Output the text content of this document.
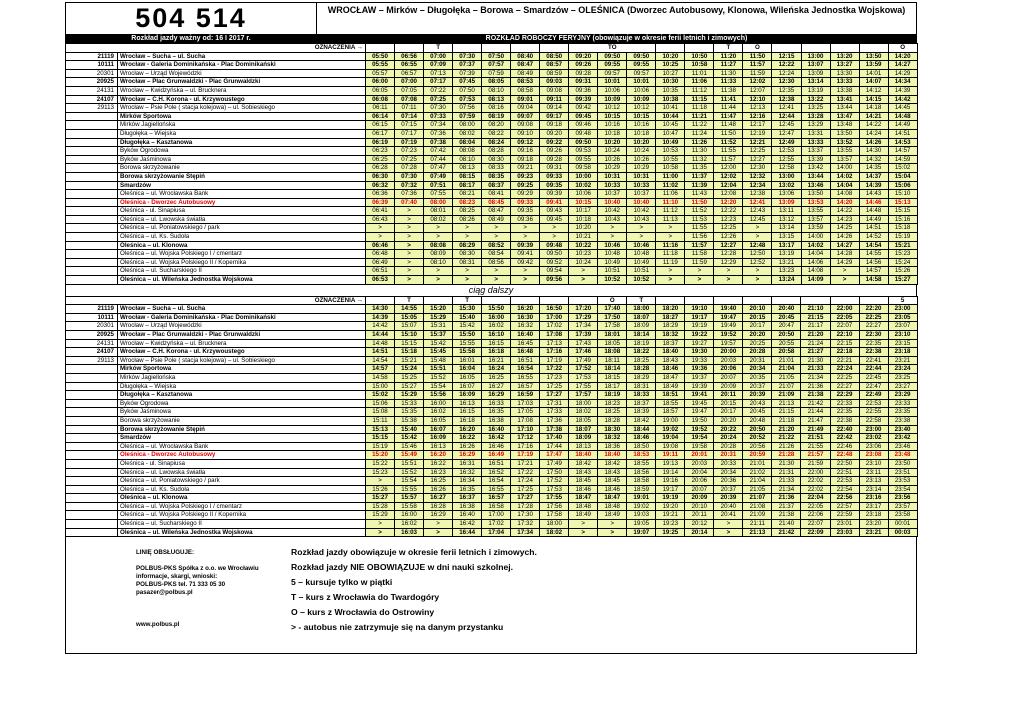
504 514
Rozkład jazdy ważny od: 16 I 2017 r.
WROCŁAW – Mirków – Długołęka – Borowa – Smardzów – OLEŚNICA (Dworzec Autobusowy, Klonowa, Wileńska Jednostka Wojskowa)
ROZKŁAD ROBOCZY FERYJNY (obowiązuje w okresie ferii letnich i zimowych)
OZNACZENIA →				T					TO					T	O					O
21119	Wrocław – Sucha – ul. Sucha	05:50	06:56	07:00	07:30	07:50	08:40	08:50	09:20	09:50	09:50	10:20	10:50	11:20	11:50	12:15	13:00	13:20	13:50	14:20
10111	Wrocław - Galeria Dominikańska - Plac Dominikański	05:55	06:55	07:09	07:37	07:57	08:47	08:57	09:26	09:55	09:55	10:25	10:58	11:27	11:57	12:22	13:07	13:27	13:59	14:27
20301	Wrocław – Urząd Wojewódzki	05:57	06:57	07:13	07:39	07:59	08:49	08:59	09:28	09:57	09:57	10:27	11:01	11:30	11:59	12:24	13:09	13:30	14:01	14:29
20925	Wrocław – Plac Grunwaldzki - Plac Grunwaldzki	06:00	07:00	07:17	07:45	08:05	08:53	09:03	09:31	10:01	10:01	10:30	11:06	11:33	12:02	12:30	13:14	13:33	14:07	14:34
24131	Wrocław – Kwidzyńska – ul. Brucknera	06:05	07:05	07:22	07:50	08:10	08:58	09:08	09:36	10:06	10:06	10:35	11:12	11:38	12:07	12:35	13:19	13:38	14:12	14:39
24107	Wrocław – C.H. Korona - ul. Krzywoustego	06:08	07:08	07:25	07:53	08:13	09:01	09:11	09:39	10:09	10:09	10:38	11:15	11:41	12:10	12:38	13:22	13:41	14:15	14:42
29113	Wrocław – Psie Pole ( stacja kolejowa) – ul. Sobieskiego	06:11	07:11	07:30	07:56	08:16	09:04	09:14	09:42	10:12	10:12	10:41	11:18	11:44	12:13	12:41	13:25	13:44	14:18	14:45
	Mirków Sportowa	06:14	07:14	07:33	07:59	08:19	09:07	09:17	09:45	10:15	10:15	10:44	11:21	11:47	12:16	12:44	13:28	13:47	14:21	14:48
	Mirków Jagiellońska	06:15	07:15	07:34	08:00	08:20	09:08	09:18	09:46	10:16	10:16	10:45	11:22	11:48	12:17	12:45	13:29	13:48	14:22	14:49
	Długołęka – Wiejska	06:17	07:17	07:36	08:02	08:22	09:10	09:20	09:48	10:18	10:18	10:47	11:24	11:50	12:19	12:47	13:31	13:50	14:24	14:51
	Długołęka – Kasztanowa	06:19	07:19	07:38	08:04	08:24	09:12	09:22	09:50	10:20	10:20	10:49	11:26	11:52	12:21	12:49	13:33	13:52	14:26	14:53
	Byków Ogrodowa	06:23	07:23	07:42	08:08	08:28	09:16	09:26	09:53	10:24	10:24	10:53	11:30	11:55	12:25	12:53	13:37	13:55	14:30	14:57
	Byków Jaśminowa	06:25	07:25	07:44	08:10	08:30	09:18	09:28	09:55	10:26	10:26	10:55	11:32	11:57	12:27	12:55	13:39	13:57	14:32	14:59
	Borowa skrzyżowanie	06:28	07:28	07:47	08:13	08:33	09:21	09:31	09:58	10:29	10:29	10:58	11:35	12:00	12:30	12:58	13:42	14:00	14:35	15:02
	Borowa skrzyżowanie Stępiń	06:30	07:30	07:49	08:15	08:35	09:23	09:33	10:00	10:31	10:31	11:00	11:37	12:02	12:32	13:00	13:44	14:02	14:37	15:04
	Smardzów	06:32	07:32	07:51	08:17	08:37	09:25	09:35	10:02	10:33	10:33	11:02	11:39	12:04	12:34	13:02	13:46	14:04	14:39	15:06
	Oleśnica – ul. Wrocławska Bank	06:36	07:36	07:55	08:21	08:41	09:29	09:39	10:06	10:37	10:37	11:06	11:43	12:08	12:38	13:06	13:50	14:08	14:43	15:10
	Oleśnica - Dworzec Autobusowy	06:39	07:40	08:00	08:23	08:45	09:33	09:41	10:15	10:40	10:40	11:10	11:50	12:20	12:41	13:09	13:53	14:20	14:46	15:13
	Oleśnica - ul. Sinapiusa	06:41	>	08:01	08:25	08:47	09:35	09:43	10:17	10:42	10:42	11:12	11:52	12:22	12:43	13:11	13:55	14:22	14:48	15:15
	Oleśnica – ul. Lwowska światła	06:43	>	08:02	08:26	08:49	09:36	09:45	10:18	10:43	10:43	11:13	11:53	12:23	12:45	13:12	13:57	14:23	14:49	15:16
	Oleśnica – ul. Poniatowskiego / park	>	>	>	>	>	>	>	10:20	>	>	>	11:55	12:25	>	13:14	13:59	14:25	14:51	15:18
	Oleśnica – ul. Ks. Sudoła	>	>	>	>	>	>	>	10:21	>	>	>	11:56	12:26	>	13:15	14:00	14:26	14:52	15:19
	Oleśnica – ul. Klonowa	06:46	>	08:08	08:29	08:52	09:39	09:48	10:22	10:46	10:46	11:16	11:57	12:27	12:48	13:17	14:02	14:27	14:54	15:21
	Oleśnica – ul. Wojska Polskiego I / cmentarz	06:48	>	08:09	08:30	08:54	09:41	09:50	10:23	10:48	10:48	11:18	11:58	12:28	12:50	13:19	14:04	14:28	14:55	15:23
	Oleśnica – ul. Wojska Polskiego II / Kopernika	06:49	>	08:10	08:31	08:56	09:42	09:52	10:24	10:49	10:49	11:19	11:59	12:29	12:52	13:21	14:06	14:29	14:56	15:24
	Oleśnica – ul. Sucharskiego II	06:51	>	>	>	>	>	09:54	>	10:51	10:51	>	>	>	>	13:23	14:08	>	14:57	15:26
	Oleśnica – ul. Wileńska Jednostka Wojskowa	06:53	>	>	>	>	>	09:56	>	10:52	10:52	>	>	>	>	13:24	14:09	>	14:58	15:27
ciąg dalszy
OZNACZENIA →			T		T					O	T									5
21119	Wrocław – Sucha – ul. Sucha	14:30	14:55	15:20	15:30	15:50	16:20	16:50	17:20	17:40	18:00	18:20	19:10	19:40	20:10	20:40	21:10	22:00	22:20	23:00
10111	Wrocław - Galeria Dominikańska - Plac Dominikański	14:39	15:05	15:29	15:40	16:00	16:30	17:00	17:29	17:50	18:07	18:27	19:17	19:47	20:15	20:45	21:15	22:05	22:25	23:05
20301	Wrocław – Urząd Wojewódzki	14:42	15:07	15:31	15:42	16:02	16:32	17:02	17:34	17:58	18:09	18:29	19:19	19:49	20:17	20:47	21:17	22:07	22:27	23:07
20925	Wrocław – Plac Grunwaldzki - Plac Grunwaldzki	14:44	15:10	15:37	15:50	16:10	16:40	17:08	17:39	18:01	18:14	18:32	19:22	19:52	20:20	20:50	21:20	22:10	22:30	23:10
24131	Wrocław – Kwidzyńska – ul. Brucknera	14:48	15:15	15:42	15:55	16:15	16:45	17:13	17:43	18:05	18:19	18:37	19:27	19:57	20:25	20:55	21:24	22:15	22:35	23:15
24107	Wrocław – C.H. Korona - ul. Krzywoustego	14:51	15:18	15:45	15:58	16:18	16:48	17:16	17:46	18:08	18:22	18:40	19:30	20:00	20:28	20:58	21:27	22:18	22:38	23:18
29113	Wrocław – Psie Pole ( stacja kolejowa) – ul. Sobieskiego	14:54	15:21	15:48	16:01	16:21	16:51	17:19	17:49	18:11	18:25	18:43	19:33	20:03	20:31	21:01	21:30	22:21	22:41	23:21
	Mirków Sportowa	14:57	15:24	15:51	16:04	16:24	16:54	17:22	17:52	18:14	18:28	18:46	19:36	20:06	20:34	21:04	21:33	22:24	22:44	23:24
	Mirków Jagiellońska	14:58	15:25	15:52	16:05	16:25	16:55	17:23	17:53	18:15	18:29	18:47	19:37	20:07	20:35	21:05	21:34	22:25	22:45	23:25
	Długołęka – Wiejska	15:00	15:27	15:54	16:07	16:27	16:57	17:25	17:55	18:17	18:31	18:49	19:39	20:09	20:37	21:07	21:36	22:27	22:47	23:27
	Długołęka – Kasztanowa	15:02	15:29	15:56	16:09	16:29	16:59	17:27	17:57	18:19	18:33	18:51	19:41	20:11	20:39	21:09	21:38	22:29	22:49	23:29
	Byków Ogrodowa	15:06	15:33	16:00	16:13	16:33	17:03	17:31	18:00	18:23	18:37	18:55	19:45	20:15	20:43	21:13	21:42	22:33	22:53	23:33
	Byków Jaśminowa	15:08	15:35	16:02	16:15	16:35	17:05	17:33	18:02	18:25	18:39	18:57	19:47	20:17	20:45	21:15	21:44	22:35	22:55	23:35
	Borowa skrzyżowanie	15:11	15:38	16:05	16:18	16:38	17:08	17:36	18:05	18:28	18:42	19:00	19:50	20:20	20:48	21:18	21:47	22:38	22:58	23:38
	Borowa skrzyżowanie Stępiń	15:13	15:40	16:07	16:20	16:40	17:10	17:38	18:07	18:30	18:44	19:02	19:52	20:22	20:50	21:20	21:49	22:40	23:00	23:40
	Smardzów	15:15	15:42	16:09	16:22	16:42	17:12	17:40	18:09	18:32	18:46	19:04	19:54	20:24	20:52	21:22	21:51	22:42	23:02	23:42
	Oleśnica – ul. Wrocławska Bank	15:19	15:46	16:13	16:26	16:46	17:16	17:44	18:13	18:36	18:50	19:08	19:58	20:28	20:56	21:26	21:55	22:46	23:06	23:46
	Oleśnica - Dworzec Autobusowy	15:20	15:49	16:20	16:29	16:49	17:19	17:47	18:40	18:40	18:53	19:11	20:01	20:31	20:59	21:28	21:57	22:48	23:08	23:48
	Oleśnica - ul. Sinapiusa	15:22	15:51	16:22	16:31	16:51	17:21	17:49	18:42	18:42	18:55	19:13	20:03	20:33	21:01	21:30	21:59	22:50	23:10	23:50
	Oleśnica – ul. Lwowska światła	15:23	15:52	16:23	16:32	16:52	17:22	17:50	18:43	18:43	18:56	19:14	20:04	20:34	21:02	21:31	22:00	22:51	23:11	23:51
	Oleśnica – ul. Poniatowskiego / park	>	15:54	16:25	16:34	16:54	17:24	17:52	18:45	18:45	18:58	19:16	20:06	20:36	21:04	21:33	22:02	22:53	23:13	23:53
	Oleśnica – ul. Ks. Sudoła	15:26	15:55	16:26	16:35	16:55	17:25	17:53	18:46	18:46	18:59	19:17	20:07	20:37	21:05	21:34	22:02	22:54	23:14	23:54
	Oleśnica – ul. Klonowa	15:27	15:57	16:27	16:37	16:57	17:27	17:55	18:47	18:47	19:01	19:19	20:09	20:39	21:07	21:36	22:04	22:56	23:16	23:56
	Oleśnica – ul. Wojska Polskiego I / cmentarz	15:28	15:58	16:28	16:38	16:58	17:28	17:56	18:48	18:48	19:02	19:20	20:10	20:40	21:08	21:37	22:05	22:57	23:17	23:57
	Oleśnica – ul. Wojska Polskiego II / Kopernika	15:29	16:00	16:29	16:40	17:00	17:30	17:58	18:49	18:49	19:03	19:21	20:11	20:41	21:09	21:38	22:06	22:59	23:18	23:58
	Oleśnica – ul. Sucharskiego II	>	16:02	>	16:42	17:02	17:32	18:00	>	>	19:05	19:23	20:12	>	21:11	21:40	22:07	23:01	23:20	00:01
	Oleśnica – ul. Wileńska Jednostka Wojskowa	>	16:03	>	16:44	17:04	17:34	18:02	>	>	19:07	19:25	20:14	>	21:13	21:42	22:09	23:03	23:21	00:03
LINIĘ OBSŁUGUJE:

POLBUS-PKS Spółka z o.o. we Wrocławiu
informacje, skargi, wnioski:
POLBUS-PKS tel. 71 333 05 30
pasazer@polbus.pl

www.polbus.pl
Rozkład jazdy obowiązuje w okresie ferii letnich i zimowych.
Rozkład jazdy NIE OBOWIĄZUJE w dni nauki szkolnej.
5 – kursuje tylko w piątki
T – kurs z Wrocławia do Twardogóry
O – kurs z Wrocławia do Ostrowiny
> - autobus nie zatrzymuje się na danym przystanku
